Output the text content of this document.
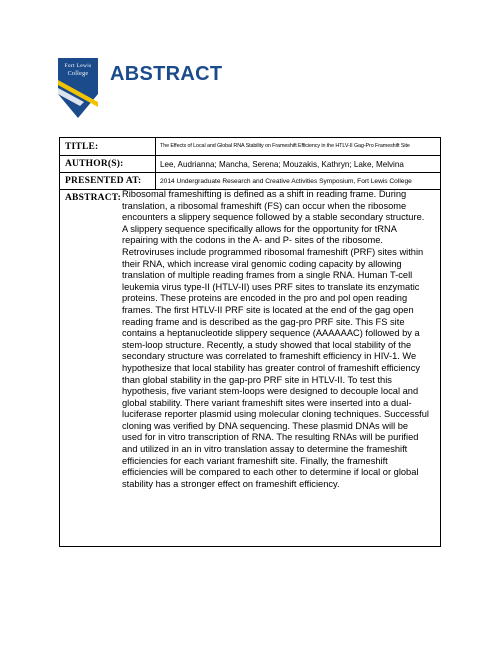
Fort Lewis
College	ABSTRACT
TITLE:	The Effects of Local and Global RNA Stability on Frameshift Efficiency in the HTLV-II Gag-Pro Frameshift Site
AUTHOR(S):	Lee, Audrianna; Mancha, Serena; Mouzakis, Kathryn; Lake, Melvina
PRESENTED AT:	2014 Undergraduate Research and Creative Activities Symposium, Fort Lewis College
ABSTRACT: Ribosomal frameshifting is defined as a shift in reading frame. During translation, a ribosomal frameshift (FS) can occur when the ribosome encounters a slippery sequence followed by a stable secondary structure. A slippery sequence specifically allows for the opportunity for tRNA repairing with the codons in the A- and P- sites of the ribosome. Retroviruses include programmed ribosomal frameshift (PRF) sites within their RNA, which increase viral genomic coding capacity by allowing translation of multiple reading frames from a single RNA. Human T-cell leukemia virus type-II (HTLV-II) uses PRF sites to translate its enzymatic proteins. These proteins are encoded in the pro and pol open reading frames. The first HTLV-II PRF site is located at the end of the gag open reading frame and is described as the gag-pro PRF site. This FS site contains a heptanucleotide slippery sequence (AAAAAAC) followed by a stem-loop structure. Recently, a study showed that local stability of the secondary structure was correlated to frameshift efficiency in HIV-1. We hypothesize that local stability has greater control of frameshift efficiency than global stability in the gap-pro PRF site in HTLV-II. To test this hypothesis, five variant stem-loops were designed to decouple local and global stability. There variant frameshift sites were inserted into a dual-luciferase reporter plasmid using molecular cloning techniques. Successful cloning was verified by DNA sequencing. These plasmid DNAs will be used for in vitro transcription of RNA. The resulting RNAs will be purified and utilized in an in vitro translation assay to determine the frameshift efficiencies for each variant frameshift site. Finally, the frameshift efficiencies will be compared to each other to determine if local or global stability has a stronger effect on frameshift efficiency.
